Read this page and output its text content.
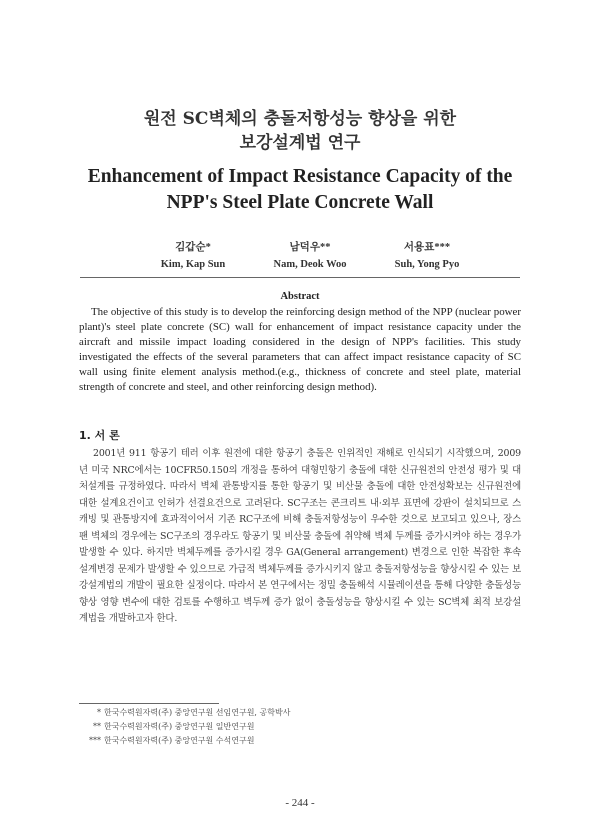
원전 SC벽체의 충돌저항성능 향상을 위한
보강설계법 연구
Enhancement of Impact Resistance Capacity of the
NPP's Steel Plate Concrete Wall
김갑순*
Kim, Kap Sun
남덕우**
Nam, Deok Woo
서용표***
Suh, Yong Pyo
Abstract
The objective of this study is to develop the reinforcing design method of the NPP (nuclear power plant)'s steel plate concrete (SC) wall for enhancement of impact resistance capacity under the aircraft and missile impact loading considered in the design of NPP's facilities. This study investigated the effects of the several parameters that can affect impact resistance capacity of SC wall using finite element analysis method.(e.g., thickness of concrete and steel plate, material strength of concrete and steel, and other reinforcing design method).
1. 서 론
2001년 911 항공기 테러 이후 원전에 대한 항공기 충돌은 인위적인 재해로 인식되기 시작했으며, 2009년 미국 NRC에서는 10CFR50.150의 개정을 통하여 대형민항기 충돌에 대한 신규원전의 안전성 평가 및 대처설계를 규정하였다. 따라서 벽체 관통방지를 통한 항공기 및 비산물 충돌에 대한 안전성확보는 신규원전에 대한 설계요건이고 인허가 선결요건으로 고려된다. SC구조는 콘크리트 내·외부 표면에 강판이 설치되므로 스캐빙 및 관통방지에 효과적이어서 기존 RC구조에 비해 충돌저항성능이 우수한 것으로 보고되고 있으나, 장스팬 벽체의 경우에는 SC구조의 경우라도 항공기 및 비산물 충돌에 취약해 벽체 두께를 증가시켜야 하는 경우가 발생할 수 있다. 하지만 벽체두께를 증가시킬 경우 GA(General arrangement) 변경으로 인한 복잡한 후속 설계변경 문제가 발생할 수 있으므로 가급적 벽체두께를 증가시키지 않고 충돌저항성능을 향상시킬 수 있는 보강설계법의 개발이 필요한 실정이다. 따라서 본 연구에서는 정밀 충돌해석 시뮬레이션을 통해 다양한 충돌성능 향상 영향 변수에 대한 검토를 수행하고 벽두께 증가 없이 충돌성능을 향상시킬 수 있는 SC벽체 최적 보강설계법을 개발하고자 한다.
* 한국수력원자력(주) 중앙연구원 선임연구원, 공학박사
** 한국수력원자력(주) 중앙연구원 일반연구원
*** 한국수력원자력(주) 중앙연구원 수석연구원
- 244 -
